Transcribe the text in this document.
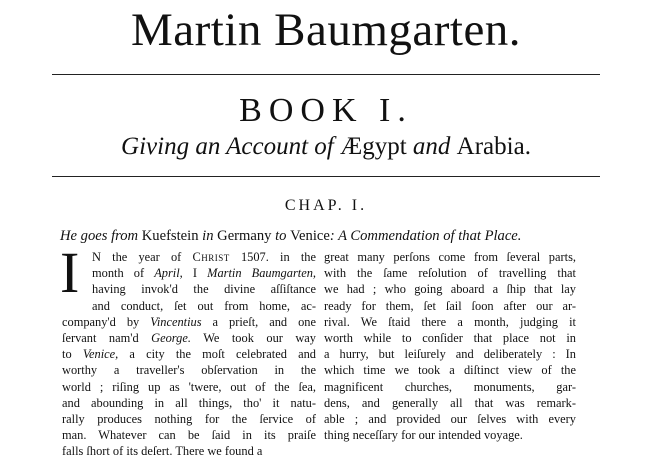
Martin Baumgarten.
BOOK I.
Giving an Account of Ægypt and Arabia.
CHAP. I.
He goes from Kuefstein in Germany to Venice: A Commendation of that Place.
I	N the year of Christ 1507. in the
month of April, I Martin Baumgarten,
having invok'd the divine aſſiſtance
and conduct, ſet out from home, ac-
company'd by Vincentius a prieſt, and one
ſervant nam'd George. We took our way
to Venice, a city the moſt celebrated and
worthy a traveller's obſervation in the
world ; riſing up as 'twere, out of the ſea,
and abounding in all things, tho' it natu-
rally produces nothing for the ſervice of
man. Whatever can be ſaid in its praiſe
falls ſhort of its deſert. There we found a
great many perſons come from ſeveral parts,
with the ſame reſolution of travelling that
we had ; who going aboard a ſhip that lay
ready for them, ſet ſail ſoon after our ar-
rival. We ſtaid there a month, judging it
worth while to conſider that place not in
a hurry, but leiſurely and deliberately : In
which time we took a diſtinct view of the
magnificent churches, monuments, gar-
dens, and generally all that was remark-
able ; and provided our ſelves with every
thing neceſſary for our intended voyage.
